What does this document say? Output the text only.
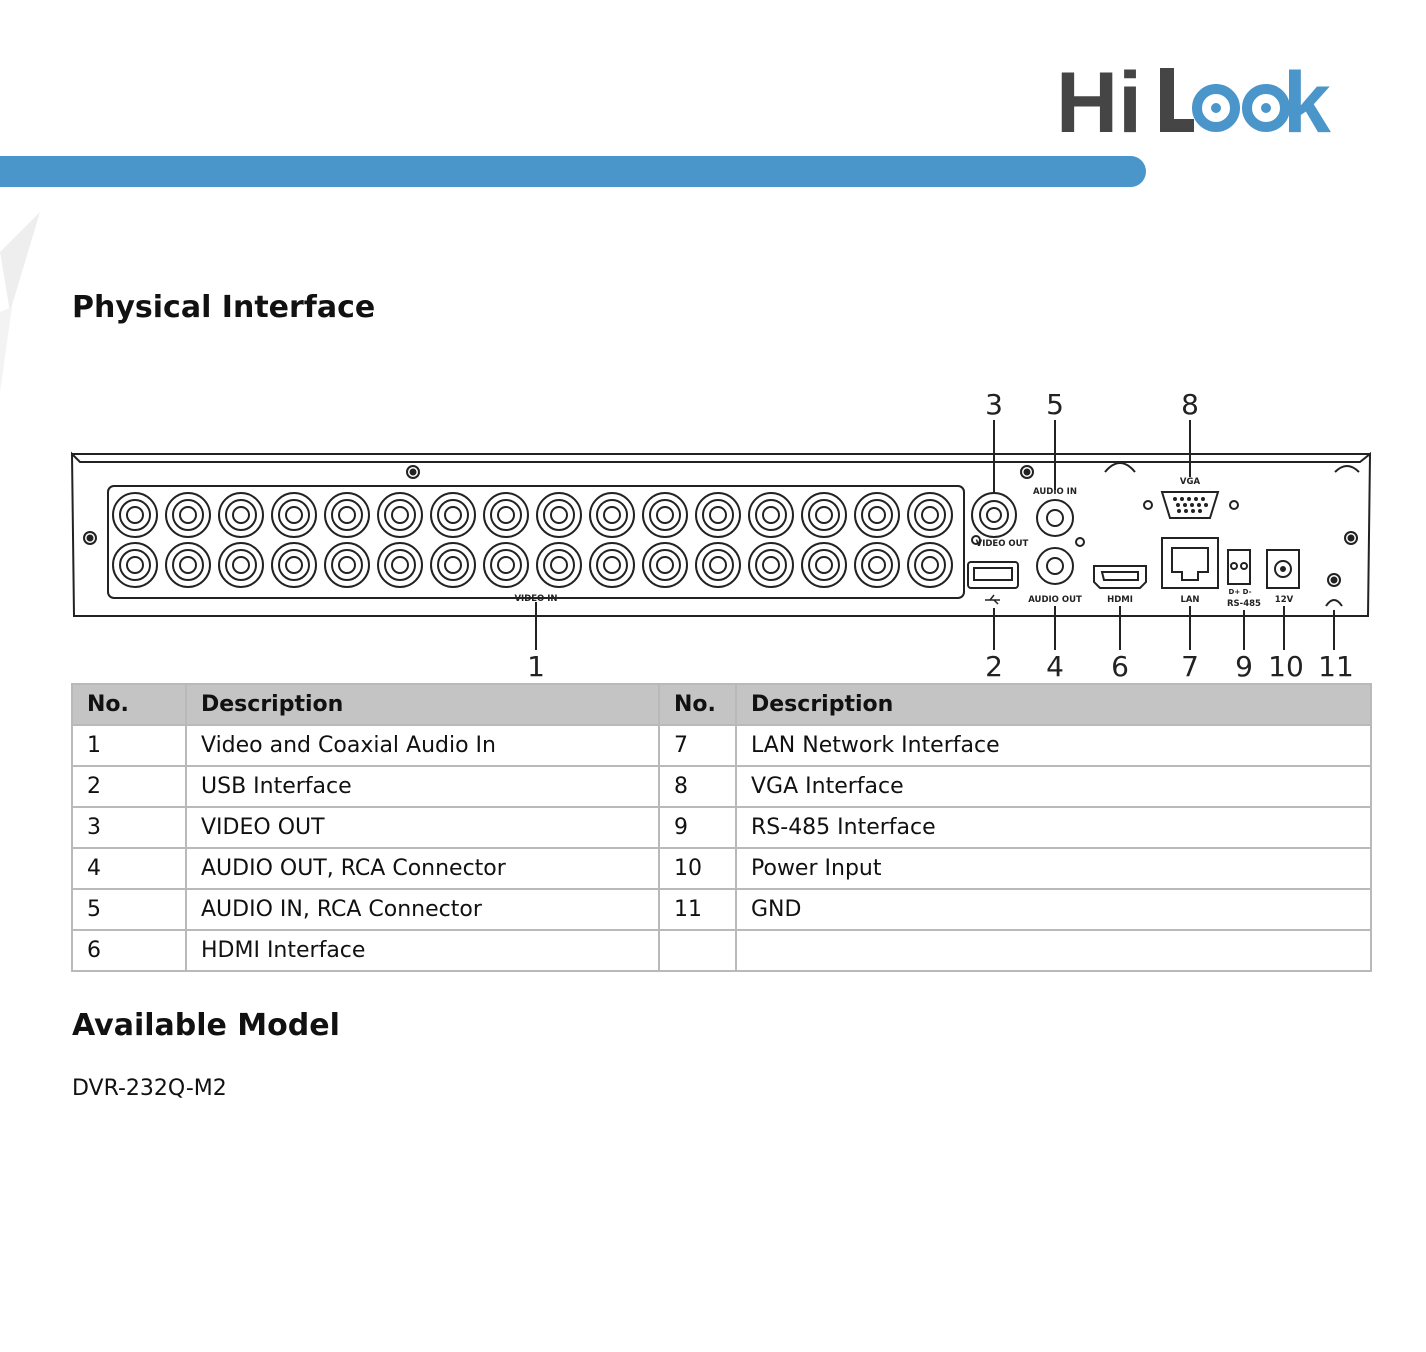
Hi k
Physical Interface
1	2
3
4
5
6 7
8
9 10 11
VIDEO IN
VIDEO OUT
AUDIO IN
AUDIO OUT
VGA
HDMI	LAN
D+ D-
RS-485 12V
No.	Description	No.	Description
1	Video and Coaxial Audio In	7	LAN Network Interface
2	USB Interface	8	VGA Interface
3	VIDEO OUT	9	RS-485 Interface
4	AUDIO OUT, RCA Connector	10	Power Input
5	AUDIO IN, RCA Connector	11	GND
6	HDMI Interface		
Available Model
DVR-232Q-M2
